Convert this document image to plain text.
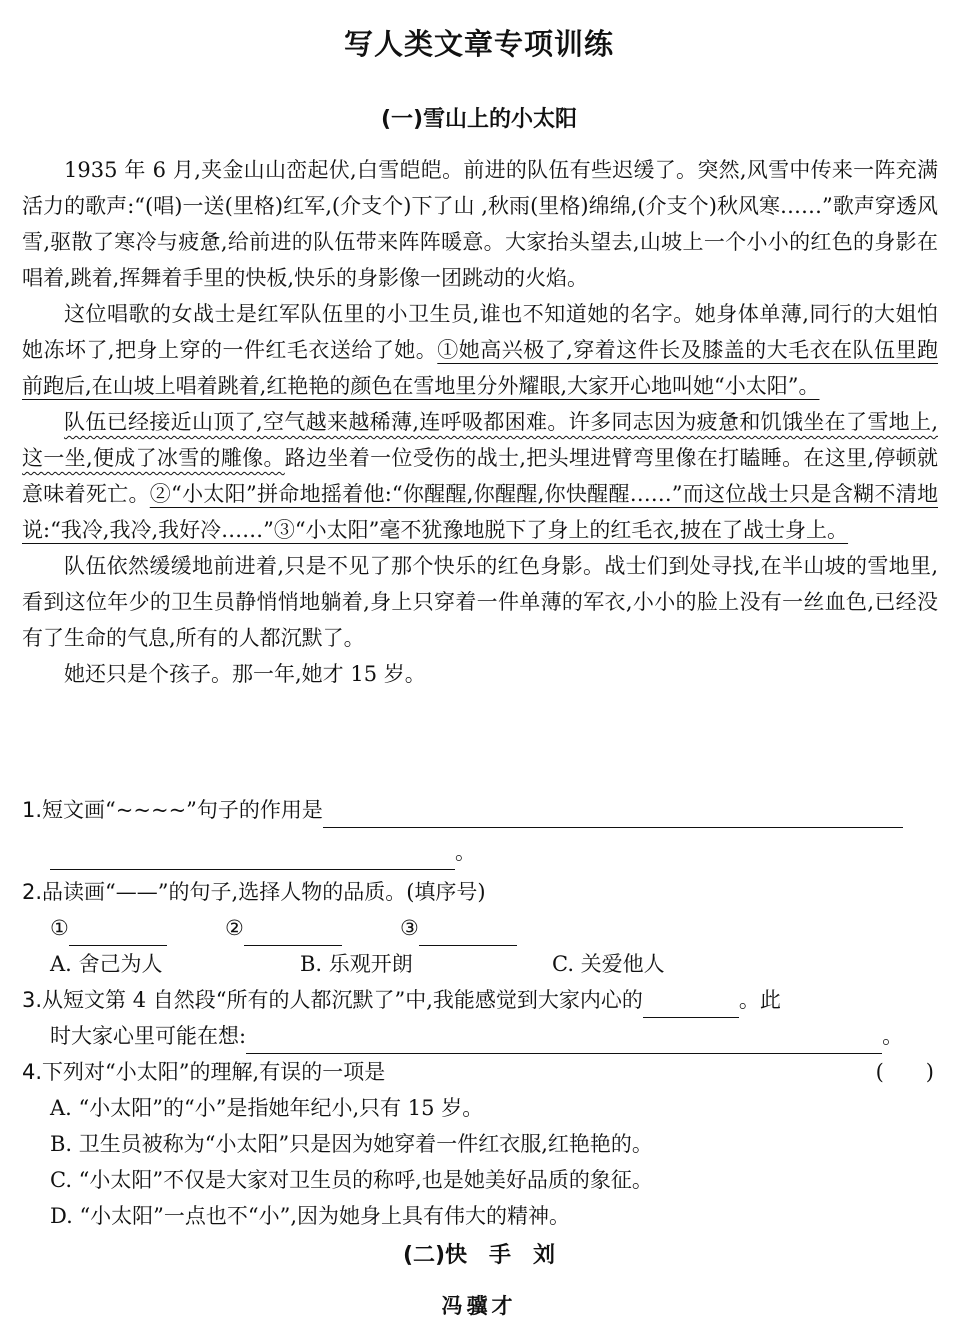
写人类文章专项训练
(一)雪山上的小太阳

1935 年 6 月,夹金山山峦起伏,白雪皑皑。前进的队伍有些迟缓了。突然,风雪中传来一阵充满活力的歌声:“(唱)一送(里格)红军,(介支个)下了山 ,秋雨(里格)绵绵,(介支个)秋风寒……”歌声穿透风雪,驱散了寒冷与疲惫,给前进的队伍带来阵阵暖意。大家抬头望去,山坡上一个小小的红色的身影在唱着,跳着,挥舞着手里的快板,快乐的身影像一团跳动的火焰。

这位唱歌的女战士是红军队伍里的小卫生员,谁也不知道她的名字。她身体单薄,同行的大姐怕她冻坏了,把身上穿的一件红毛衣送给了她。①她高兴极了,穿着这件长及膝盖的大毛衣在队伍里跑前跑后,在山坡上唱着跳着,红艳艳的颜色在雪地里分外耀眼,大家开心地叫她“小太阳”。

队伍已经接近山顶了,空气越来越稀薄,连呼吸都困难。许多同志因为疲惫和饥饿坐在了雪地上,这一坐,便成了冰雪的雕像。路边坐着一位受伤的战士,把头埋进臂弯里像在打瞌睡。在这里,停顿就意味着死亡。②“小太阳”拼命地摇着他:“你醒醒,你醒醒,你快醒醒……”而这位战士只是含糊不清地说:“我冷,我冷,我好冷……”③“小太阳”毫不犹豫地脱下了身上的红毛衣,披在了战士身上。

队伍依然缓缓地前进着,只是不见了那个快乐的红色身影。战士们到处寻找,在半山坡的雪地里,看到这位年少的卫生员静悄悄地躺着,身上只穿着一件单薄的军衣,小小的脸上没有一丝血色,已经没有了生命的气息,所有的人都沉默了。

她还只是个孩子。那一年,她才 15 岁。

1.短文画“~~~~”句子的作用是
。
2.品读画“——”的句子,选择人物的品质。(填序号)
①	②	③
A. 舍己为人	B. 乐观开朗	C. 关爱他人
3.从短文第 4 自然段“所有的人都沉默了”中,我能感觉到大家内心的	。此
时大家心里可能在想:	。
4.下列对“小太阳”的理解,有误的一项是	(　　)
A. “小太阳”的“小”是指她年纪小,只有 15 岁。
B. 卫生员被称为“小太阳”只是因为她穿着一件红衣服,红艳艳的。
C. “小太阳”不仅是大家对卫生员的称呼,也是她美好品质的象征。
D. “小太阳”一点也不“小”,因为她身上具有伟大的精神。
(二)快　手　刘
冯骥才
